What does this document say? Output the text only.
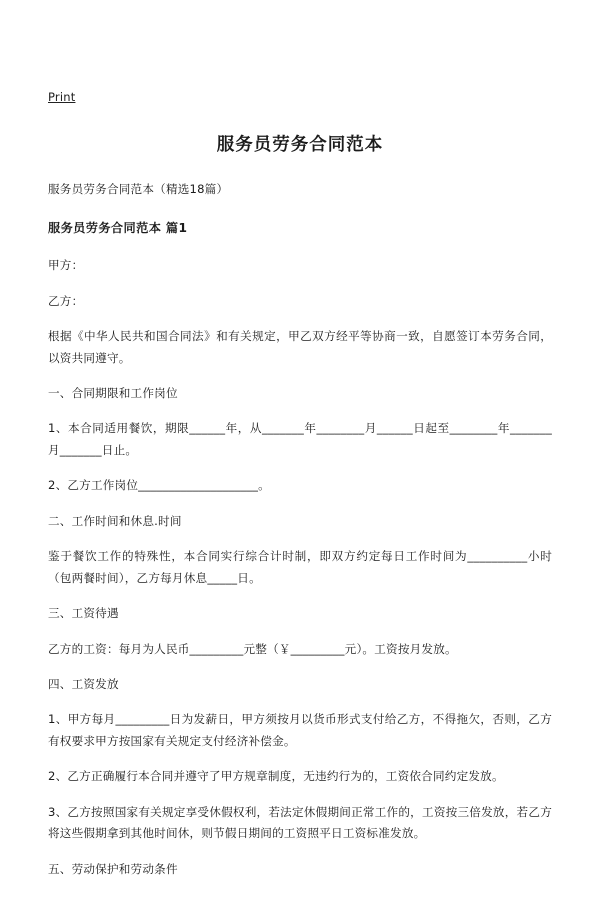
Print
服务员劳务合同范本

服务员劳务合同范本（精选18篇）

服务员劳务合同范本 篇1

甲方：

乙方：

根据《中华人民共和国合同法》和有关规定，甲乙双方经平等协商一致，自愿签订本劳务合同，以资共同遵守。

一、合同期限和工作岗位

1、本合同适用餐饮，期限______年，从_______年________月______日起至________年_______月_______日止。

2、乙方工作岗位____________________。

二、工作时间和休息.时间

鉴于餐饮工作的特殊性，本合同实行综合计时制，即双方约定每日工作时间为__________小时（包两餐时间），乙方每月休息_____日。

三、工资待遇

乙方的工资：每月为人民币_________元整（￥_________元）。工资按月发放。

四、工资发放

1、甲方每月_________日为发薪日，甲方须按月以货币形式支付给乙方，不得拖欠，否则，乙方有权要求甲方按国家有关规定支付经济补偿金。

2、乙方正确履行本合同并遵守了甲方规章制度，无违约行为的，工资依合同约定发放。

3、乙方按照国家有关规定享受休假权利，若法定休假期间正常工作的，工资按三倍发放，若乙方将这些假期拿到其他时间休，则节假日期间的工资照平日工资标准发放。

五、劳动保护和劳动条件
